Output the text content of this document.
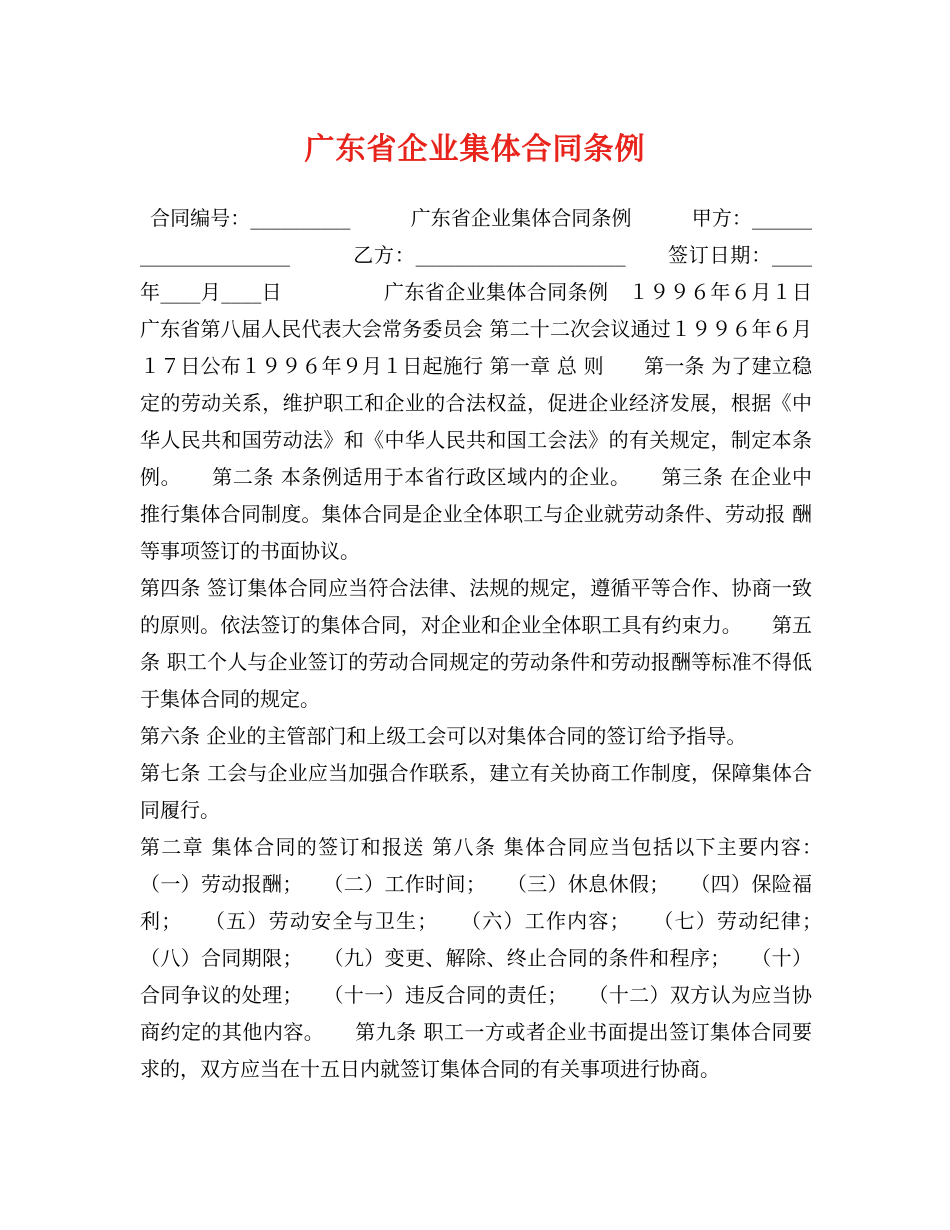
广东省企业集体合同条例

合同编号：__________　　　广东省企业集体合同条例　　　甲方：_____________________　　　乙方：_____________________　　签订日期：____年____月____日　　　　　广东省企业集体合同条例　１９９６年６月１日广东省第八届人民代表大会常务委员会 第二十二次会议通过１９９６年６月１７日公布１９９６年９月１日起施行 第一章 总 则　　第一条 为了建立稳定的劳动关系，维护职工和企业的合法权益，促进企业经济发展，根据《中华人民共和国劳动法》和《中华人民共和国工会法》的有关规定，制定本条例。　　第二条 本条例适用于本省行政区域内的企业。　　第三条 在企业中推行集体合同制度。集体合同是企业全体职工与企业就劳动条件、劳动报 酬等事项签订的书面协议。

第四条 签订集体合同应当符合法律、法规的规定，遵循平等合作、协商一致的原则。依法签订的集体合同，对企业和企业全体职工具有约束力。　　第五条 职工个人与企业签订的劳动合同规定的劳动条件和劳动报酬等标准不得低于集体合同的规定。

第六条 企业的主管部门和上级工会可以对集体合同的签订给予指导。

第七条 工会与企业应当加强合作联系，建立有关协商工作制度，保障集体合同履行。

第二章 集体合同的签订和报送 第八条 集体合同应当包括以下主要内容：　　（一）劳动报酬；　　（二）工作时间；　　（三）休息休假；　　（四）保险福利；　　（五）劳动安全与卫生；　　（六）工作内容；　　（七）劳动纪律；　　（八）合同期限；　　（九）变更、解除、终止合同的条件和程序；　　（十）合同争议的处理；　　（十一）违反合同的责任；　　（十二）双方认为应当协商约定的其他内容。　　第九条 职工一方或者企业书面提出签订集体合同要求的，双方应当在十五日内就签订集体合同的有关事项进行协商。
